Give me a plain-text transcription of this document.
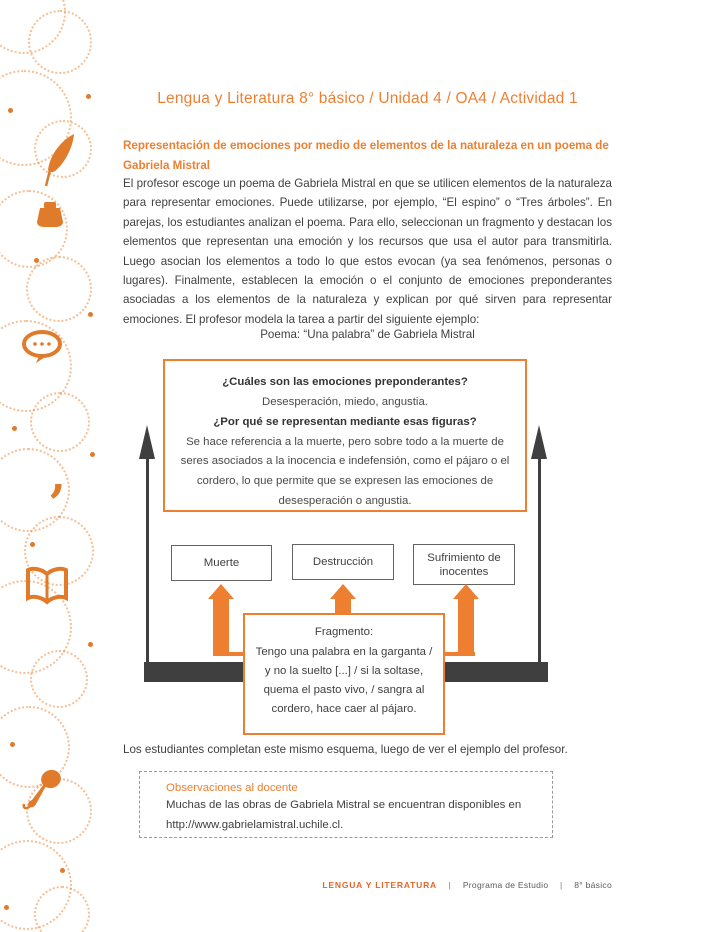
,
Lengua y Literatura 8° básico / Unidad 4 / OA4 / Actividad 1
Representación de emociones por medio de elementos de la naturaleza en un poema de Gabriela Mistral
El profesor escoge un poema de Gabriela Mistral en que se utilicen elementos de la naturaleza para representar emociones. Puede utilizarse, por ejemplo, “El espino” o “Tres árboles”. En parejas, los estudiantes analizan el poema. Para ello, seleccionan un fragmento y destacan los elementos que representan una emoción y los recursos que usa el autor para transmitirla. Luego asocian los elementos a todo lo que estos evocan (ya sea fenómenos, personas o lugares). Finalmente, establecen la emoción o el conjunto de emociones preponderantes asociadas a los elementos de la naturaleza y explican por qué sirven para representar emociones. El profesor modela la tarea a partir del siguiente ejemplo:
Poema: “Una palabra” de Gabriela Mistral
¿Cuáles son las emociones preponderantes?
Desesperación, miedo, angustia.
¿Por qué se representan mediante esas figuras?
Se hace referencia a la muerte, pero sobre todo a la muerte de seres asociados a la inocencia e indefensión, como el pájaro o el cordero, lo que permite que se expresen las emociones de desesperación o angustia.
Muerte	Destrucción	Sufrimiento de inocentes
Fragmento:
Tengo una palabra en la garganta / y no la suelto [...] / si la soltase, quema el pasto vivo, / sangra al cordero, hace caer al pájaro.
Los estudiantes completan este mismo esquema, luego de ver el ejemplo del profesor.
Observaciones al docente
Muchas de las obras de Gabriela Mistral se encuentran disponibles en http://www.gabrielamistral.uchile.cl.
LENGUA Y LITERATURA | Programa de Estudio | 8° básico
